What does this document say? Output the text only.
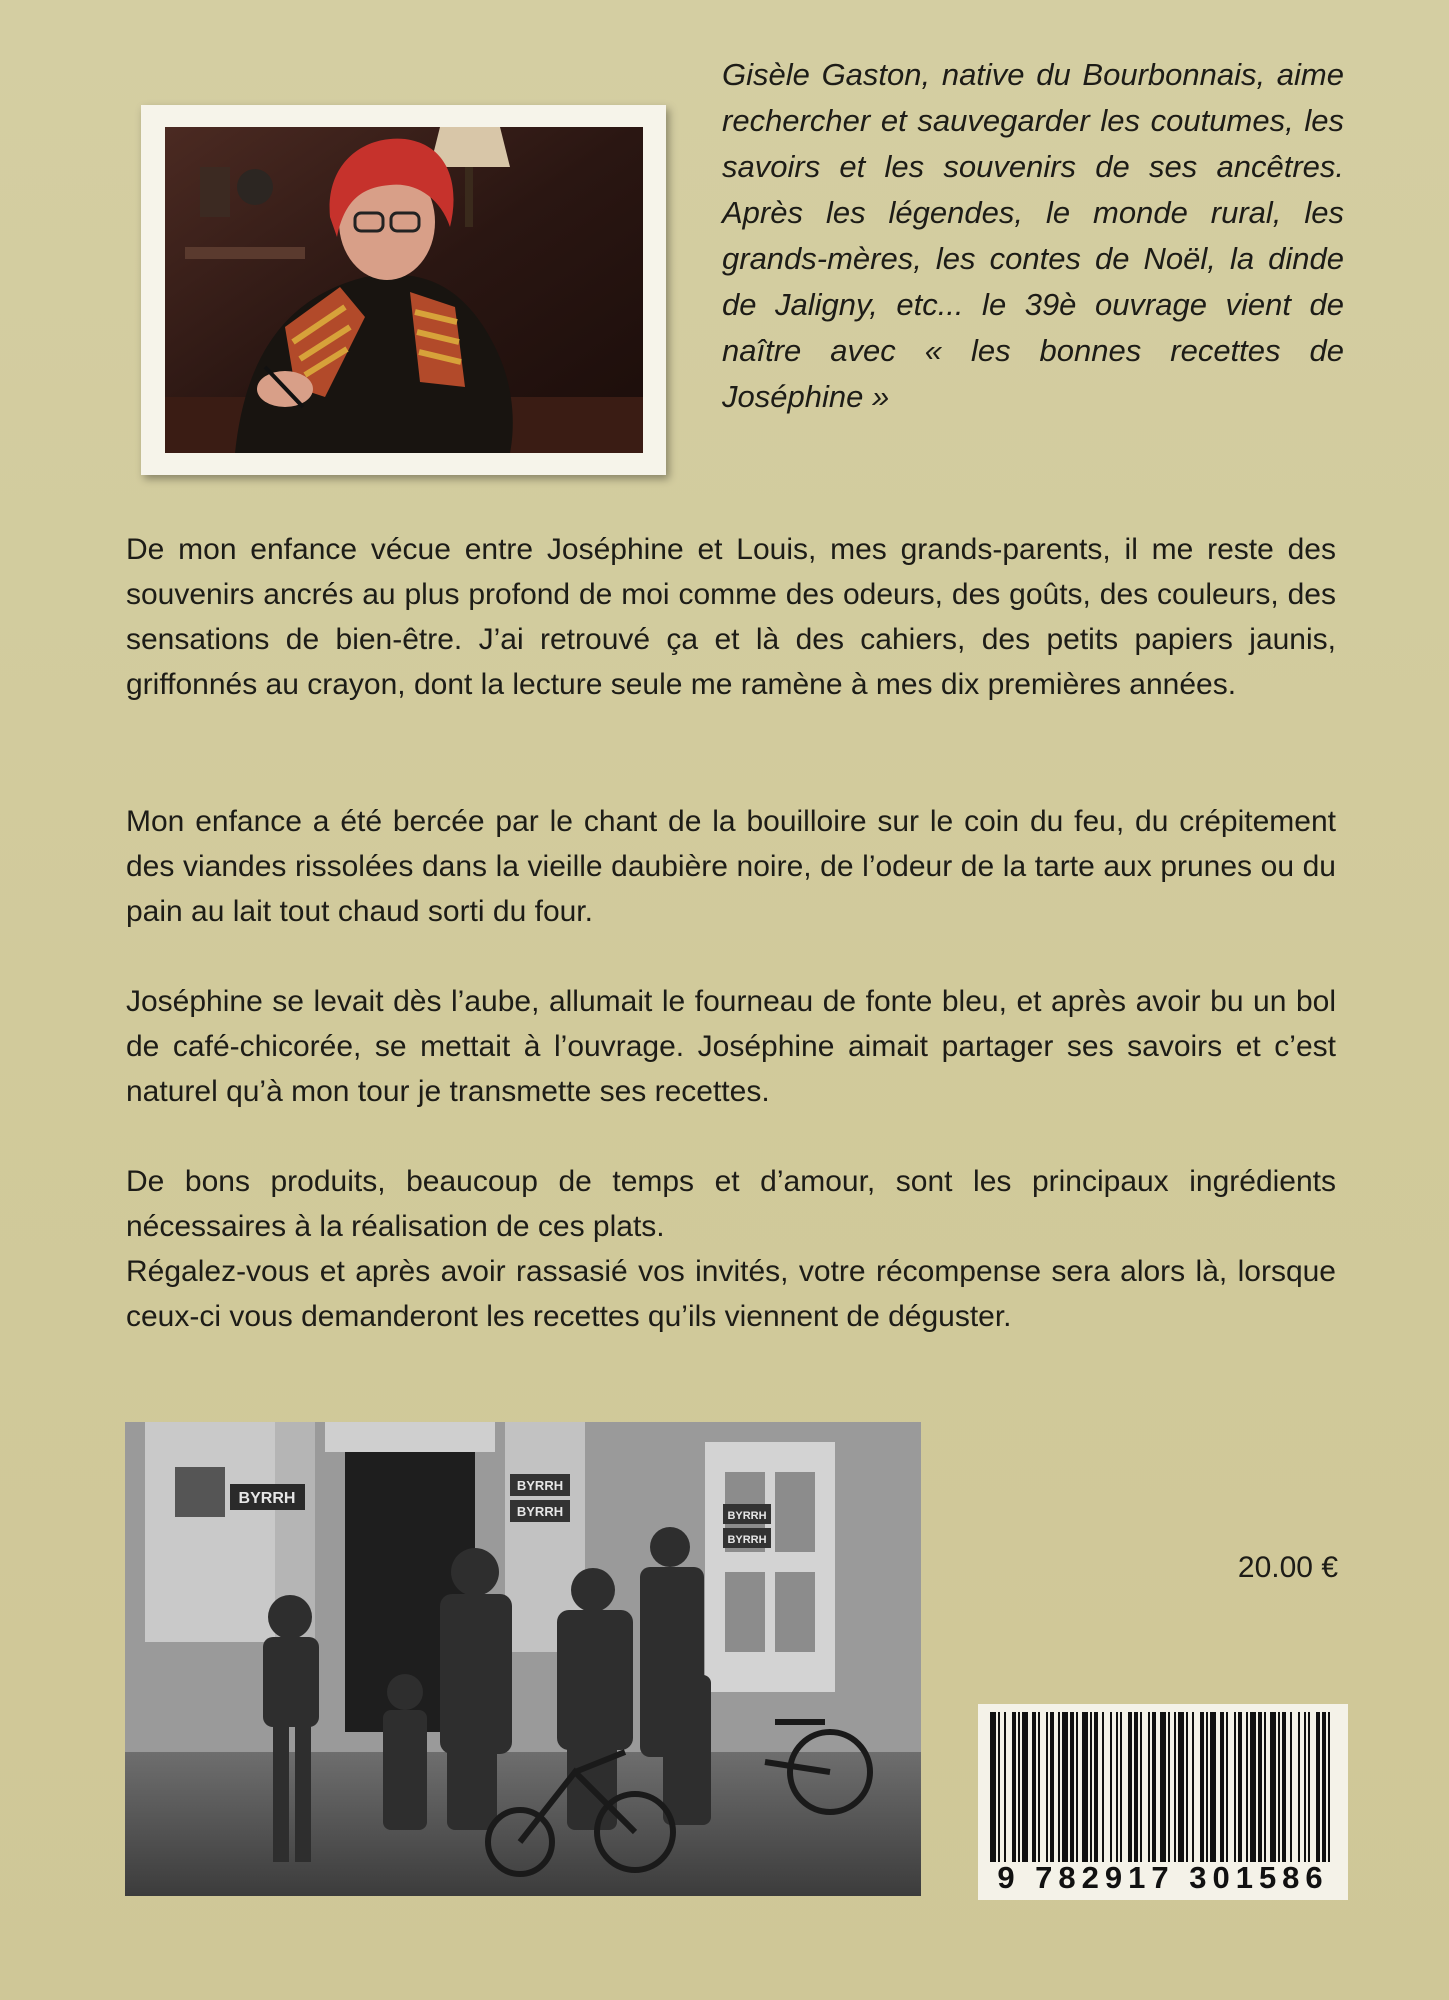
Gisèle Gaston, native du Bourbonnais, aime rechercher et sauvegarder les coutumes, les savoirs et les souvenirs de ses ancêtres. Après les légendes, le monde rural, les grands-mères, les contes de Noël, la dinde de Jaligny, etc... le 39è ouvrage vient de naître avec « les bonnes recettes de Joséphine »

De mon enfance vécue entre Joséphine et Louis, mes grands-parents, il me reste des souvenirs ancrés au plus profond de moi comme des odeurs, des goûts, des couleurs, des sensations de bien-être. J’ai retrouvé ça et là des cahiers, des petits papiers jaunis, griffonnés au crayon, dont la lecture seule me ramène à mes dix premières années.

Mon enfance a été bercée par le chant de la bouilloire sur le coin du feu, du crépitement des viandes rissolées dans la vieille daubière noire, de l’odeur de la tarte aux prunes ou du pain au lait tout chaud sorti du four.

Joséphine se levait dès l’aube, allumait le fourneau de fonte bleu, et après avoir bu un bol de café-chicorée, se mettait à l’ouvrage. Joséphine aimait partager ses savoirs et c’est naturel qu’à mon tour je transmette ses recettes.

De bons produits, beaucoup de temps et d’amour, sont les principaux ingrédients nécessaires à la réalisation de ces plats.

Régalez-vous et après avoir rassasié vos invités, votre récompense sera alors là, lorsque ceux-ci vous demanderont les recettes qu’ils viennent de déguster.

BYRRH
BYRRH
BYRRH	BYRRH
BYRRH
20.00 €
9 782917 301586
